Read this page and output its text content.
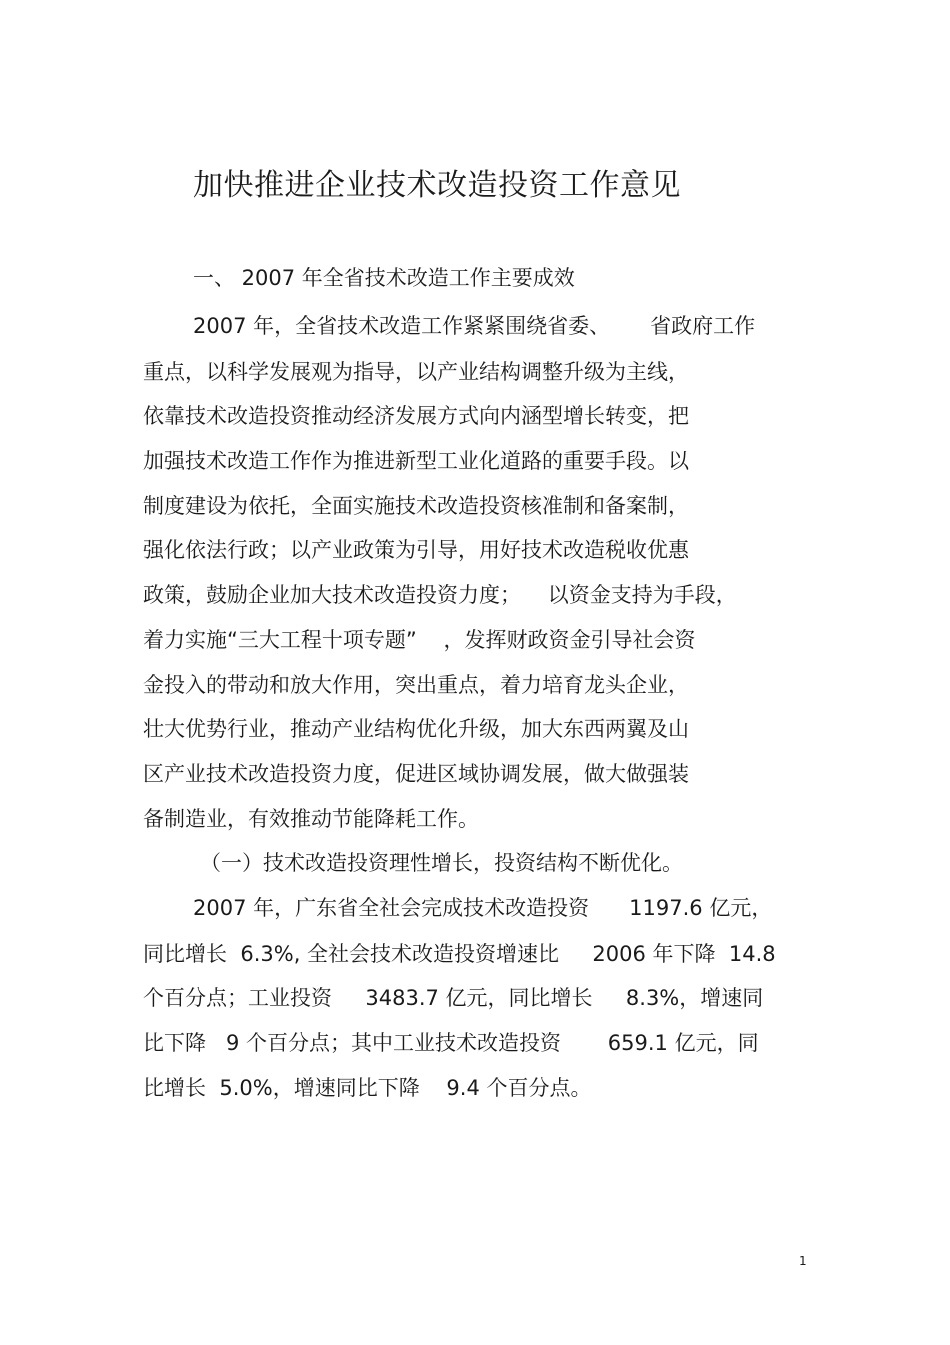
加快推进企业技术改造投资工作意见
一、 2007 年全省技术改造工作主要成效
2007 年，全省技术改造工作紧紧围绕省委、      省政府工作
重点，以科学发展观为指导，以产业结构调整升级为主线，
依靠技术改造投资推动经济发展方式向内涵型增长转变，把
加强技术改造工作作为推进新型工业化道路的重要手段。以
制度建设为依托，全面实施技术改造投资核准制和备案制，
强化依法行政；以产业政策为引导，用好技术改造税收优惠
政策，鼓励企业加大技术改造投资力度；    以资金支持为手段，
着力实施“三大工程十项专题”    ，发挥财政资金引导社会资
金投入的带动和放大作用，突出重点，着力培育龙头企业，
壮大优势行业，推动产业结构优化升级，加大东西两翼及山
区产业技术改造投资力度，促进区域协调发展，做大做强装
备制造业，有效推动节能降耗工作。
（一）技术改造投资理性增长，投资结构不断优化。
2007 年，广东省全社会完成技术改造投资      1197.6 亿元，
同比增长  6.3%, 全社会技术改造投资增速比     2006 年下降  14.8
个百分点；工业投资     3483.7 亿元，同比增长     8.3%，增速同
比下降   9 个百分点；其中工业技术改造投资       659.1 亿元，同
比增长  5.0%，增速同比下降    9.4 个百分点。
1
